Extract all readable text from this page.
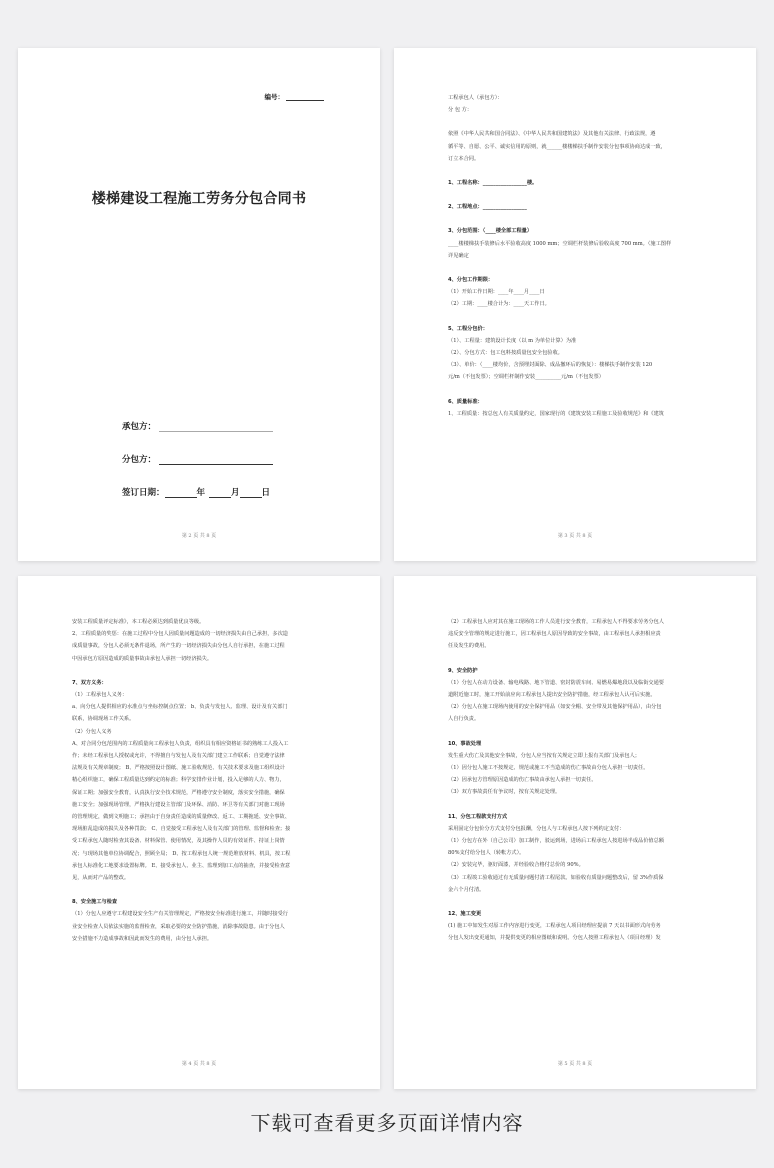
编号：
楼梯建设工程施工劳务分包合同书
承包方：
分包方：
签订日期：	年	月	日
第 2 页 共 8 页

工程承包人（承包方）：

分 包 方：

依照《中华人民共和国合同法》、《中华人民共和国建筑法》及其他有关法律、行政法规，遵

循平等、自愿、公平、诚实信用的原则，就______楼楼梯扶手制作安装分包事项协商达成一致，

订立本合同。

1、工程名称：_________________楼。

2、工程地点：_________________

3、分包范围：（____楼全部工程量）

____楼楼梯扶手装修后水平验收高度 1000 mm；空调栏杆装修后验收高度 700 mm。（施工图样

详见确定

4、分包工作期限：

（1）开始工作日期：____年____月____日

（2）工期：____楼合计为：____天工作日。

5、工程分包价：

（1）、工程量：建筑设计长度（以 m 为单位计算）为准

（2）、分包方式：包工包料按质量包安全包验收。

（3）、单价：（____楼均价，含预埋封面除、成品撤环后的恢复）：楼梯扶手制作安装 120

元/m（不包发票）；空调栏杆制作安装__________元/m（不包发票）

6、质量标准：

1、工程质量：按总包人有关质量约定，国家现行的《建筑安装工程施工及验收规范》和《建筑

第 3 页 共 8 页

安装工程质量评定标准》，本工程必须达到质量优良等级。

2、工程质量的奖惩：在施工过程中分包人因质量问题造成的一切经济损失由自己承担，多次造

成质量事故，分包人必须无条件退场，所产生的一切经济损失由分包人自行承担，在施工过程

中因承包方原因造成的质量事故由承包人承担一切经济损失。

7、双方义务：

（1）工程承包人义务：

a、向分包人提供相应的水准点与坐标控制点位置； b、负责与发包人、监理、设计及有关部门

联系，协调现场工作关系。

（2）分包人义务

A、对合同分包范围内的工程质量向工程承包人负责，组织具有相应资格证书的熟练工人投入工

作；未经工程承包人授权或允许，不得擅自与发包人及有关部门建立工作联系；自觉遵守法律

法规及有关规章制度； B、严格按照设计图纸、施工验收规范、有关技术要求及施工组织设计

精心组织施工，确保工程质量达到约定的标准；科学安排作业计划，投入足够的人力、物力，

保证工期；加强安全教育，认真执行安全技术规范，严格遵守安全制度，落实安全措施，确保

施工安全；加强现场管理，严格执行建设主管部门及环保、消防、环卫等有关部门对施工现场

的管理规定，做到文明施工；承担由于自身责任造成的质量修改、返工、工期拖延、安全事故、

现场脏乱造成的损失及各种罚款； C、自觉接受工程承包人及有关部门的管理、监督和检查；接

受工程承包人随时检查其设备、材料保管、使用情况，及其操作人员的有效证件、持证上岗情

况；与现场其他单位协调配合，照顾全局； D、按工程承包人统一规范堆放材料、机具，按工程

承包人标准化工地要求设置标牌。 E、接受承包人、业主、监理到加工点的抽查，并接受检查意

见，从而对产品的整改。

8、安全施工与检查

（1）分包人应遵守工程建设安全生产有关管理规定，严格按安全标准进行施工，并随时接受行

业安全检查人员依法实施的监督检查，采取必要的安全防护措施，消除事故隐患。由于分包人

安全措施不力造成事故和因此而发生的费用，由分包人承担。

第 4 页 共 8 页

（2）工程承包人应对其在施工现场的工作人员进行安全教育，工程承包人不得要求劳务分包人

违反安全管理的规定进行施工，因工程承包人原因导致的安全事故，由工程承包人承担相应责

任及发生的费用。

9、安全防护

（1）分包人在动力设备、输电线路、地下管道、密封防震车间、易燃易爆地段以及临街交通要

道附近施工时，施工开始前应向工程承包人提出安全防护措施，经工程承包人认可后实施。

（2）分包人在施工现场内使用的安全保护用品（如安全帽、安全带及其他保护用品），由分包

人自行负责。

10、事故处理

发生重大伤亡及其他安全事故，分包人应当按有关规定立即上报有关部门及承包人；

（1）因分包人施工不按规定、规范或施工不当造成的伤亡事故由分包人承担一切责任。

（2）因承包方管理原因造成的伤亡事故由承包人承担一切责任。

（3）双方事故责任有争议时，按有关规定处理。

11、分包工程款支付方式

采用固定分包价分方式支付分包报酬，分包人与工程承包人按下列约定支付：

（1）分包方在外（自己公司）加工制作，驳运到场，进场后工程承包人按进场半成品价值总额

80%支付给分包人（转帐方式）。

（2）安装完毕，驱好面漆，并经验收合格付总价的 90%。

（3）工程竣工验收通过有无质量问题付清工程尾款。如验收有质量问题整改后，留 3%作质保

金六个月付清。

12、施工变更

(1) 施工中如发生对原工作内容进行变更，工程承包人项目经理应提前 7 天以书面形式向劳务

分包人发出变更通知，并提供变更的相应图纸和说明。分包人按照工程承包人（项目经理）发

第 5 页 共 8 页
下载可查看更多页面详情内容
